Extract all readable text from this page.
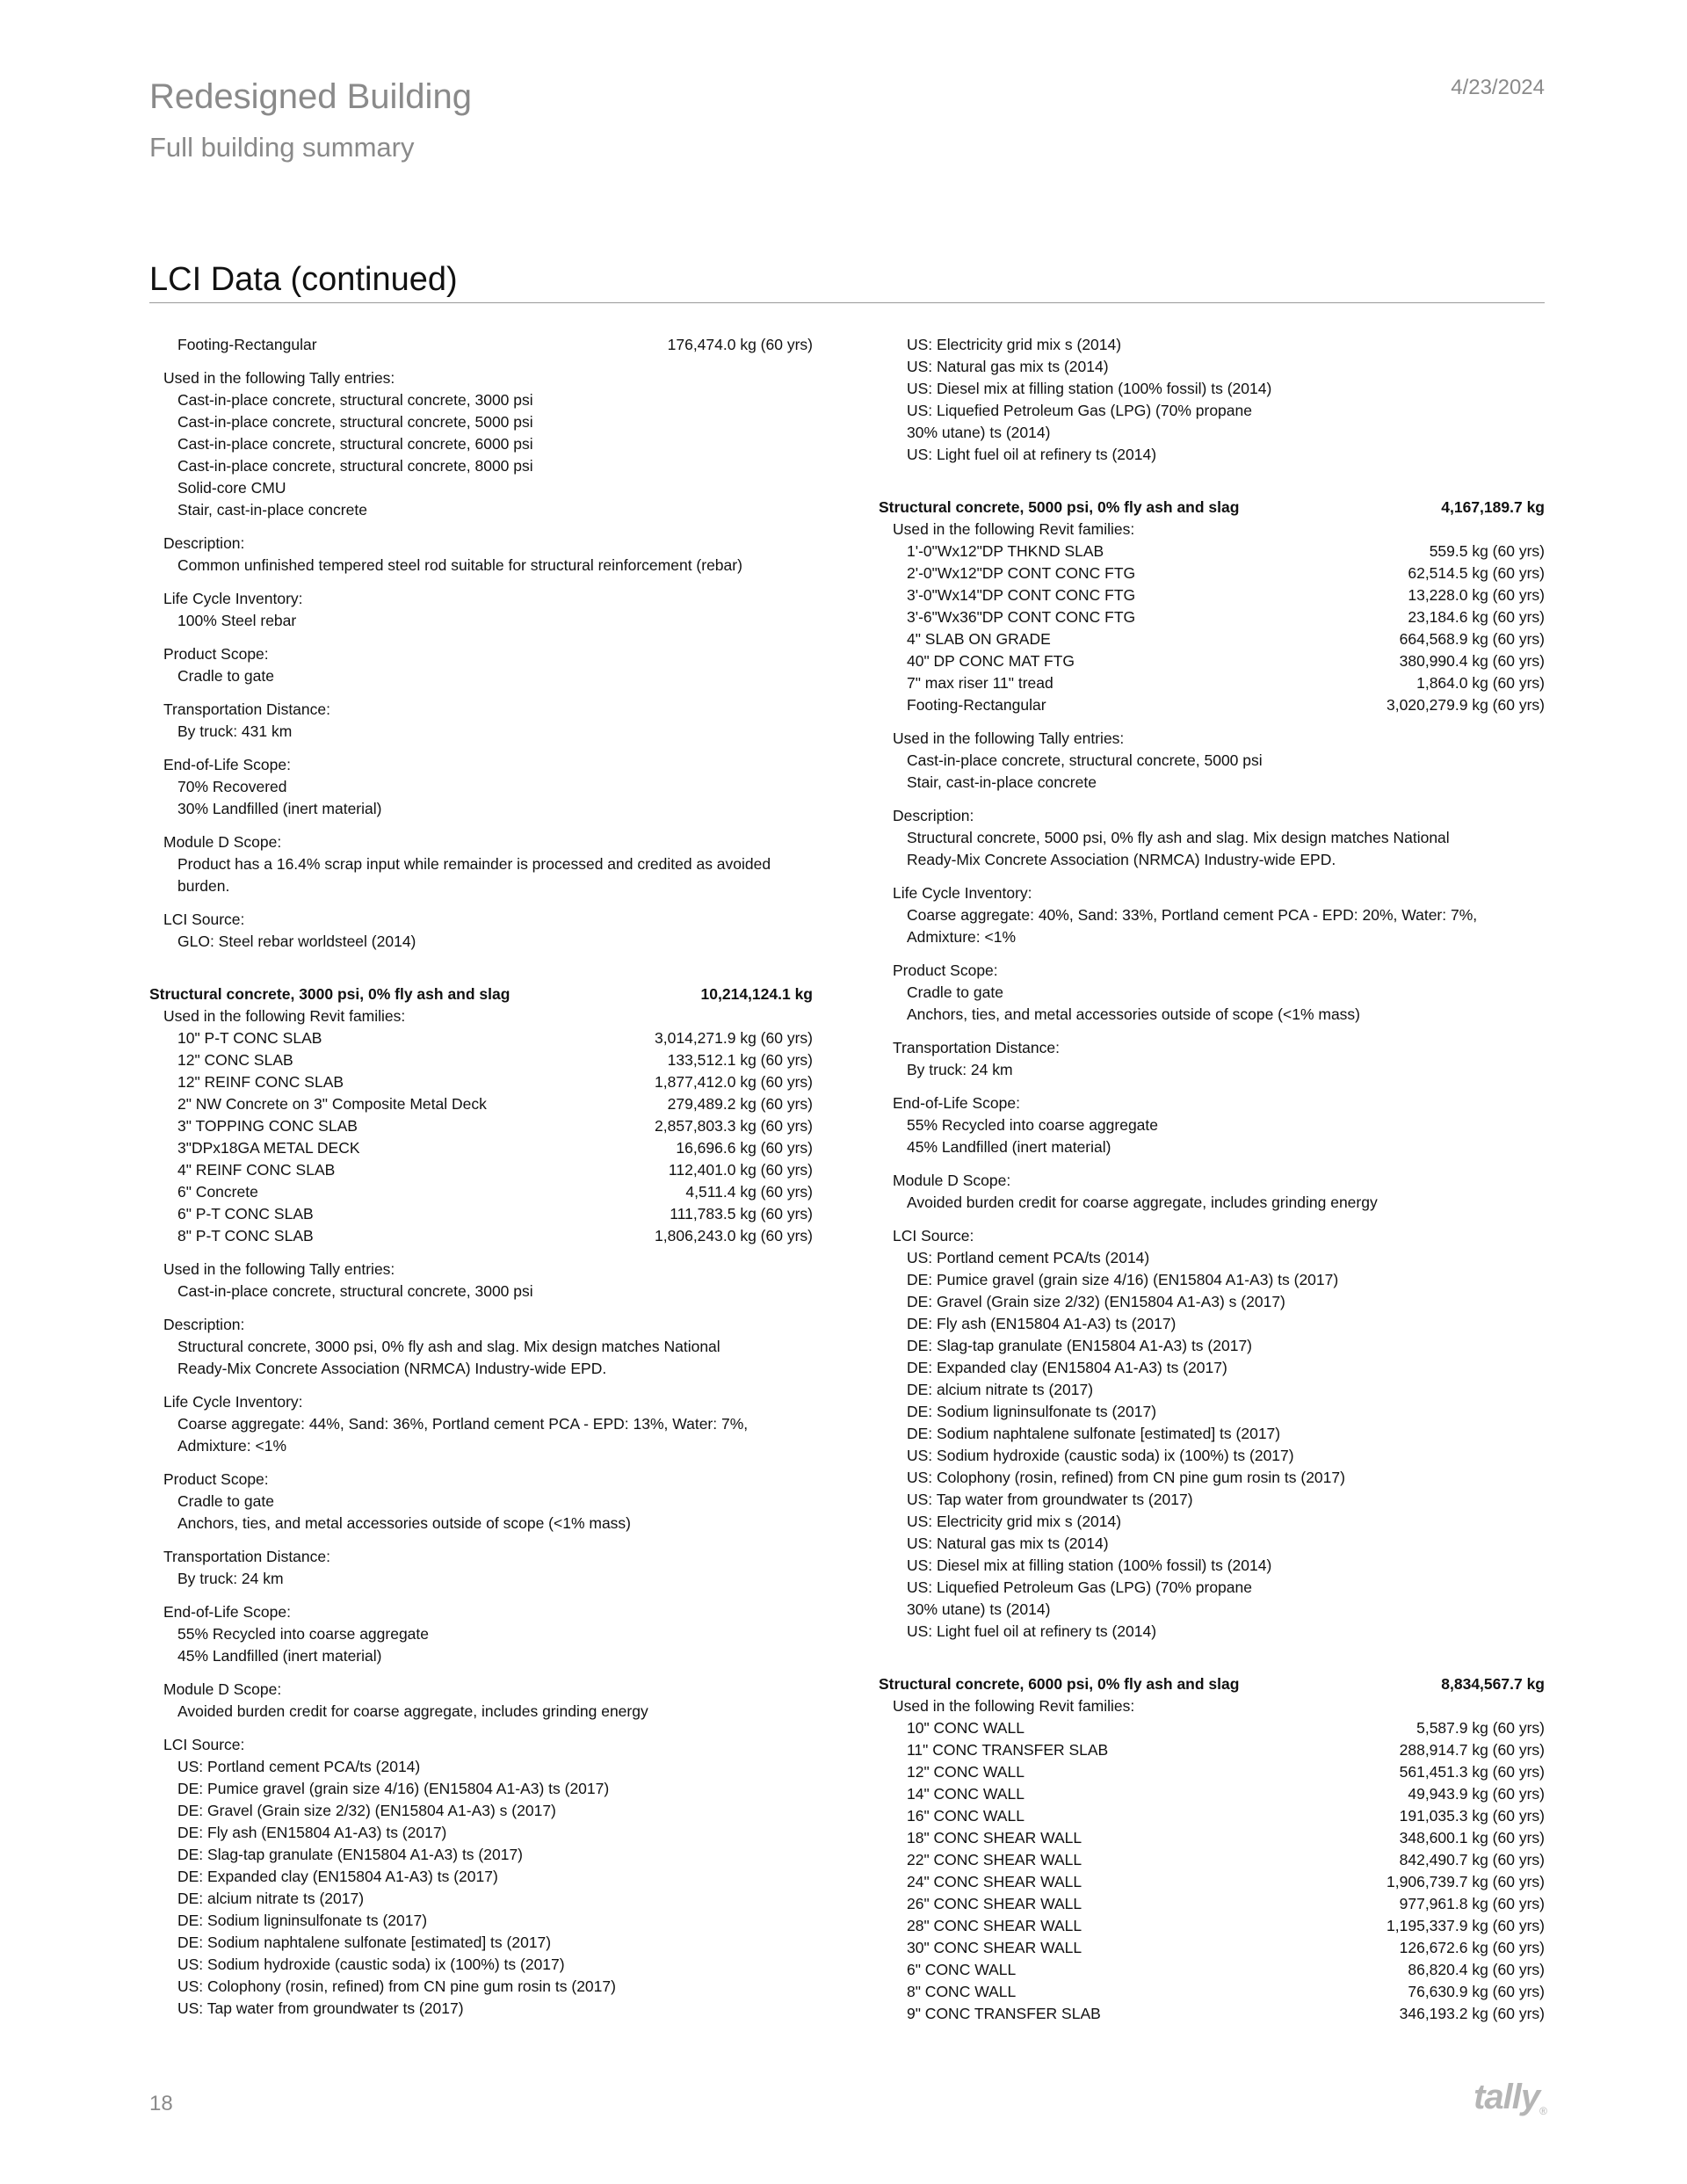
Redesigned Building
Full building summary
4/23/2024
LCI Data (continued)
Footing-Rectangular	176,474.0 kg (60 yrs)
Used in the following Tally entries:
Cast-in-place concrete, structural concrete, 3000 psi
Cast-in-place concrete, structural concrete, 5000 psi
Cast-in-place concrete, structural concrete, 6000 psi
Cast-in-place concrete, structural concrete, 8000 psi
Solid-core CMU
Stair, cast-in-place concrete
Description:
Common unfinished tempered steel rod suitable for structural reinforcement (rebar)
Life Cycle Inventory:
100% Steel rebar
Product Scope:
Cradle to gate
Transportation Distance:
By truck: 431 km
End-of-Life Scope:
70% Recovered
30% Landfilled (inert material)
Module D Scope:
Product has a 16.4% scrap input while remainder is processed and credited as avoided
burden.
LCI Source:
GLO: Steel rebar worldsteel (2014)
Structural concrete, 3000 psi, 0% fly ash and slag	10,214,124.1 kg
Used in the following Revit families:
10" P-T CONC SLAB	3,014,271.9 kg (60 yrs)
12" CONC SLAB	133,512.1 kg (60 yrs)
12" REINF CONC SLAB	1,877,412.0 kg (60 yrs)
2" NW Concrete on 3" Composite Metal Deck	279,489.2 kg (60 yrs)
3" TOPPING CONC SLAB	2,857,803.3 kg (60 yrs)
3"DPx18GA METAL DECK	16,696.6 kg (60 yrs)
4" REINF CONC SLAB	112,401.0 kg (60 yrs)
6" Concrete	4,511.4 kg (60 yrs)
6" P-T CONC SLAB	111,783.5 kg (60 yrs)
8" P-T CONC SLAB	1,806,243.0 kg (60 yrs)
Used in the following Tally entries:
Cast-in-place concrete, structural concrete, 3000 psi
Description:
Structural concrete, 3000 psi, 0% fly ash and slag. Mix design matches National
Ready-Mix Concrete Association (NRMCA) Industry-wide EPD.
Life Cycle Inventory:
Coarse aggregate: 44%, Sand: 36%, Portland cement PCA - EPD: 13%, Water: 7%,
Admixture: <1%
Product Scope:
Cradle to gate
Anchors, ties, and metal accessories outside of scope (<1% mass)
Transportation Distance:
By truck: 24 km
End-of-Life Scope:
55% Recycled into coarse aggregate
45% Landfilled (inert material)
Module D Scope:
Avoided burden credit for coarse aggregate, includes grinding energy
LCI Source:
US: Portland cement PCA/ts (2014)
DE: Pumice gravel (grain size 4/16) (EN15804 A1-A3) ts (2017)
DE: Gravel (Grain size 2/32) (EN15804 A1-A3) s (2017)
DE: Fly ash (EN15804 A1-A3) ts (2017)
DE: Slag-tap granulate (EN15804 A1-A3) ts (2017)
DE: Expanded clay (EN15804 A1-A3) ts (2017)
DE: alcium nitrate ts (2017)
DE: Sodium ligninsulfonate ts (2017)
DE: Sodium naphtalene sulfonate [estimated] ts (2017)
US: Sodium hydroxide (caustic soda) ix (100%) ts (2017)
US: Colophony (rosin, refined) from CN pine gum rosin ts (2017)
US: Tap water from groundwater ts (2017)
US: Electricity grid mix s (2014)
US: Natural gas mix ts (2014)
US: Diesel mix at filling station (100% fossil) ts (2014)
US: Liquefied Petroleum Gas (LPG) (70% propane
30% utane) ts (2014)
US: Light fuel oil at refinery ts (2014)
Structural concrete, 5000 psi, 0% fly ash and slag	4,167,189.7 kg
Used in the following Revit families:
1'-0"Wx12"DP THKND SLAB	559.5 kg (60 yrs)
2'-0"Wx12"DP CONT CONC FTG	62,514.5 kg (60 yrs)
3'-0"Wx14"DP CONT CONC FTG	13,228.0 kg (60 yrs)
3'-6"Wx36"DP CONT CONC FTG	23,184.6 kg (60 yrs)
4" SLAB ON GRADE	664,568.9 kg (60 yrs)
40" DP CONC MAT FTG	380,990.4 kg (60 yrs)
7" max riser 11" tread	1,864.0 kg (60 yrs)
Footing-Rectangular	3,020,279.9 kg (60 yrs)
Used in the following Tally entries:
Cast-in-place concrete, structural concrete, 5000 psi
Stair, cast-in-place concrete
Description:
Structural concrete, 5000 psi, 0% fly ash and slag. Mix design matches National
Ready-Mix Concrete Association (NRMCA) Industry-wide EPD.
Life Cycle Inventory:
Coarse aggregate: 40%, Sand: 33%, Portland cement PCA - EPD: 20%, Water: 7%,
Admixture: <1%
Product Scope:
Cradle to gate
Anchors, ties, and metal accessories outside of scope (<1% mass)
Transportation Distance:
By truck: 24 km
End-of-Life Scope:
55% Recycled into coarse aggregate
45% Landfilled (inert material)
Module D Scope:
Avoided burden credit for coarse aggregate, includes grinding energy
LCI Source:
US: Portland cement PCA/ts (2014)
DE: Pumice gravel (grain size 4/16) (EN15804 A1-A3) ts (2017)
DE: Gravel (Grain size 2/32) (EN15804 A1-A3) s (2017)
DE: Fly ash (EN15804 A1-A3) ts (2017)
DE: Slag-tap granulate (EN15804 A1-A3) ts (2017)
DE: Expanded clay (EN15804 A1-A3) ts (2017)
DE: alcium nitrate ts (2017)
DE: Sodium ligninsulfonate ts (2017)
DE: Sodium naphtalene sulfonate [estimated] ts (2017)
US: Sodium hydroxide (caustic soda) ix (100%) ts (2017)
US: Colophony (rosin, refined) from CN pine gum rosin ts (2017)
US: Tap water from groundwater ts (2017)
US: Electricity grid mix s (2014)
US: Natural gas mix ts (2014)
US: Diesel mix at filling station (100% fossil) ts (2014)
US: Liquefied Petroleum Gas (LPG) (70% propane
30% utane) ts (2014)
US: Light fuel oil at refinery ts (2014)
Structural concrete, 6000 psi, 0% fly ash and slag	8,834,567.7 kg
Used in the following Revit families:
10" CONC WALL	5,587.9 kg (60 yrs)
11" CONC TRANSFER SLAB	288,914.7 kg (60 yrs)
12" CONC WALL	561,451.3 kg (60 yrs)
14" CONC WALL	49,943.9 kg (60 yrs)
16" CONC WALL	191,035.3 kg (60 yrs)
18" CONC SHEAR WALL	348,600.1 kg (60 yrs)
22" CONC SHEAR WALL	842,490.7 kg (60 yrs)
24" CONC SHEAR WALL	1,906,739.7 kg (60 yrs)
26" CONC SHEAR WALL	977,961.8 kg (60 yrs)
28" CONC SHEAR WALL	1,195,337.9 kg (60 yrs)
30" CONC SHEAR WALL	126,672.6 kg (60 yrs)
6" CONC WALL	86,820.4 kg (60 yrs)
8" CONC WALL	76,630.9 kg (60 yrs)
9" CONC TRANSFER SLAB	346,193.2 kg (60 yrs)
18	tally®
